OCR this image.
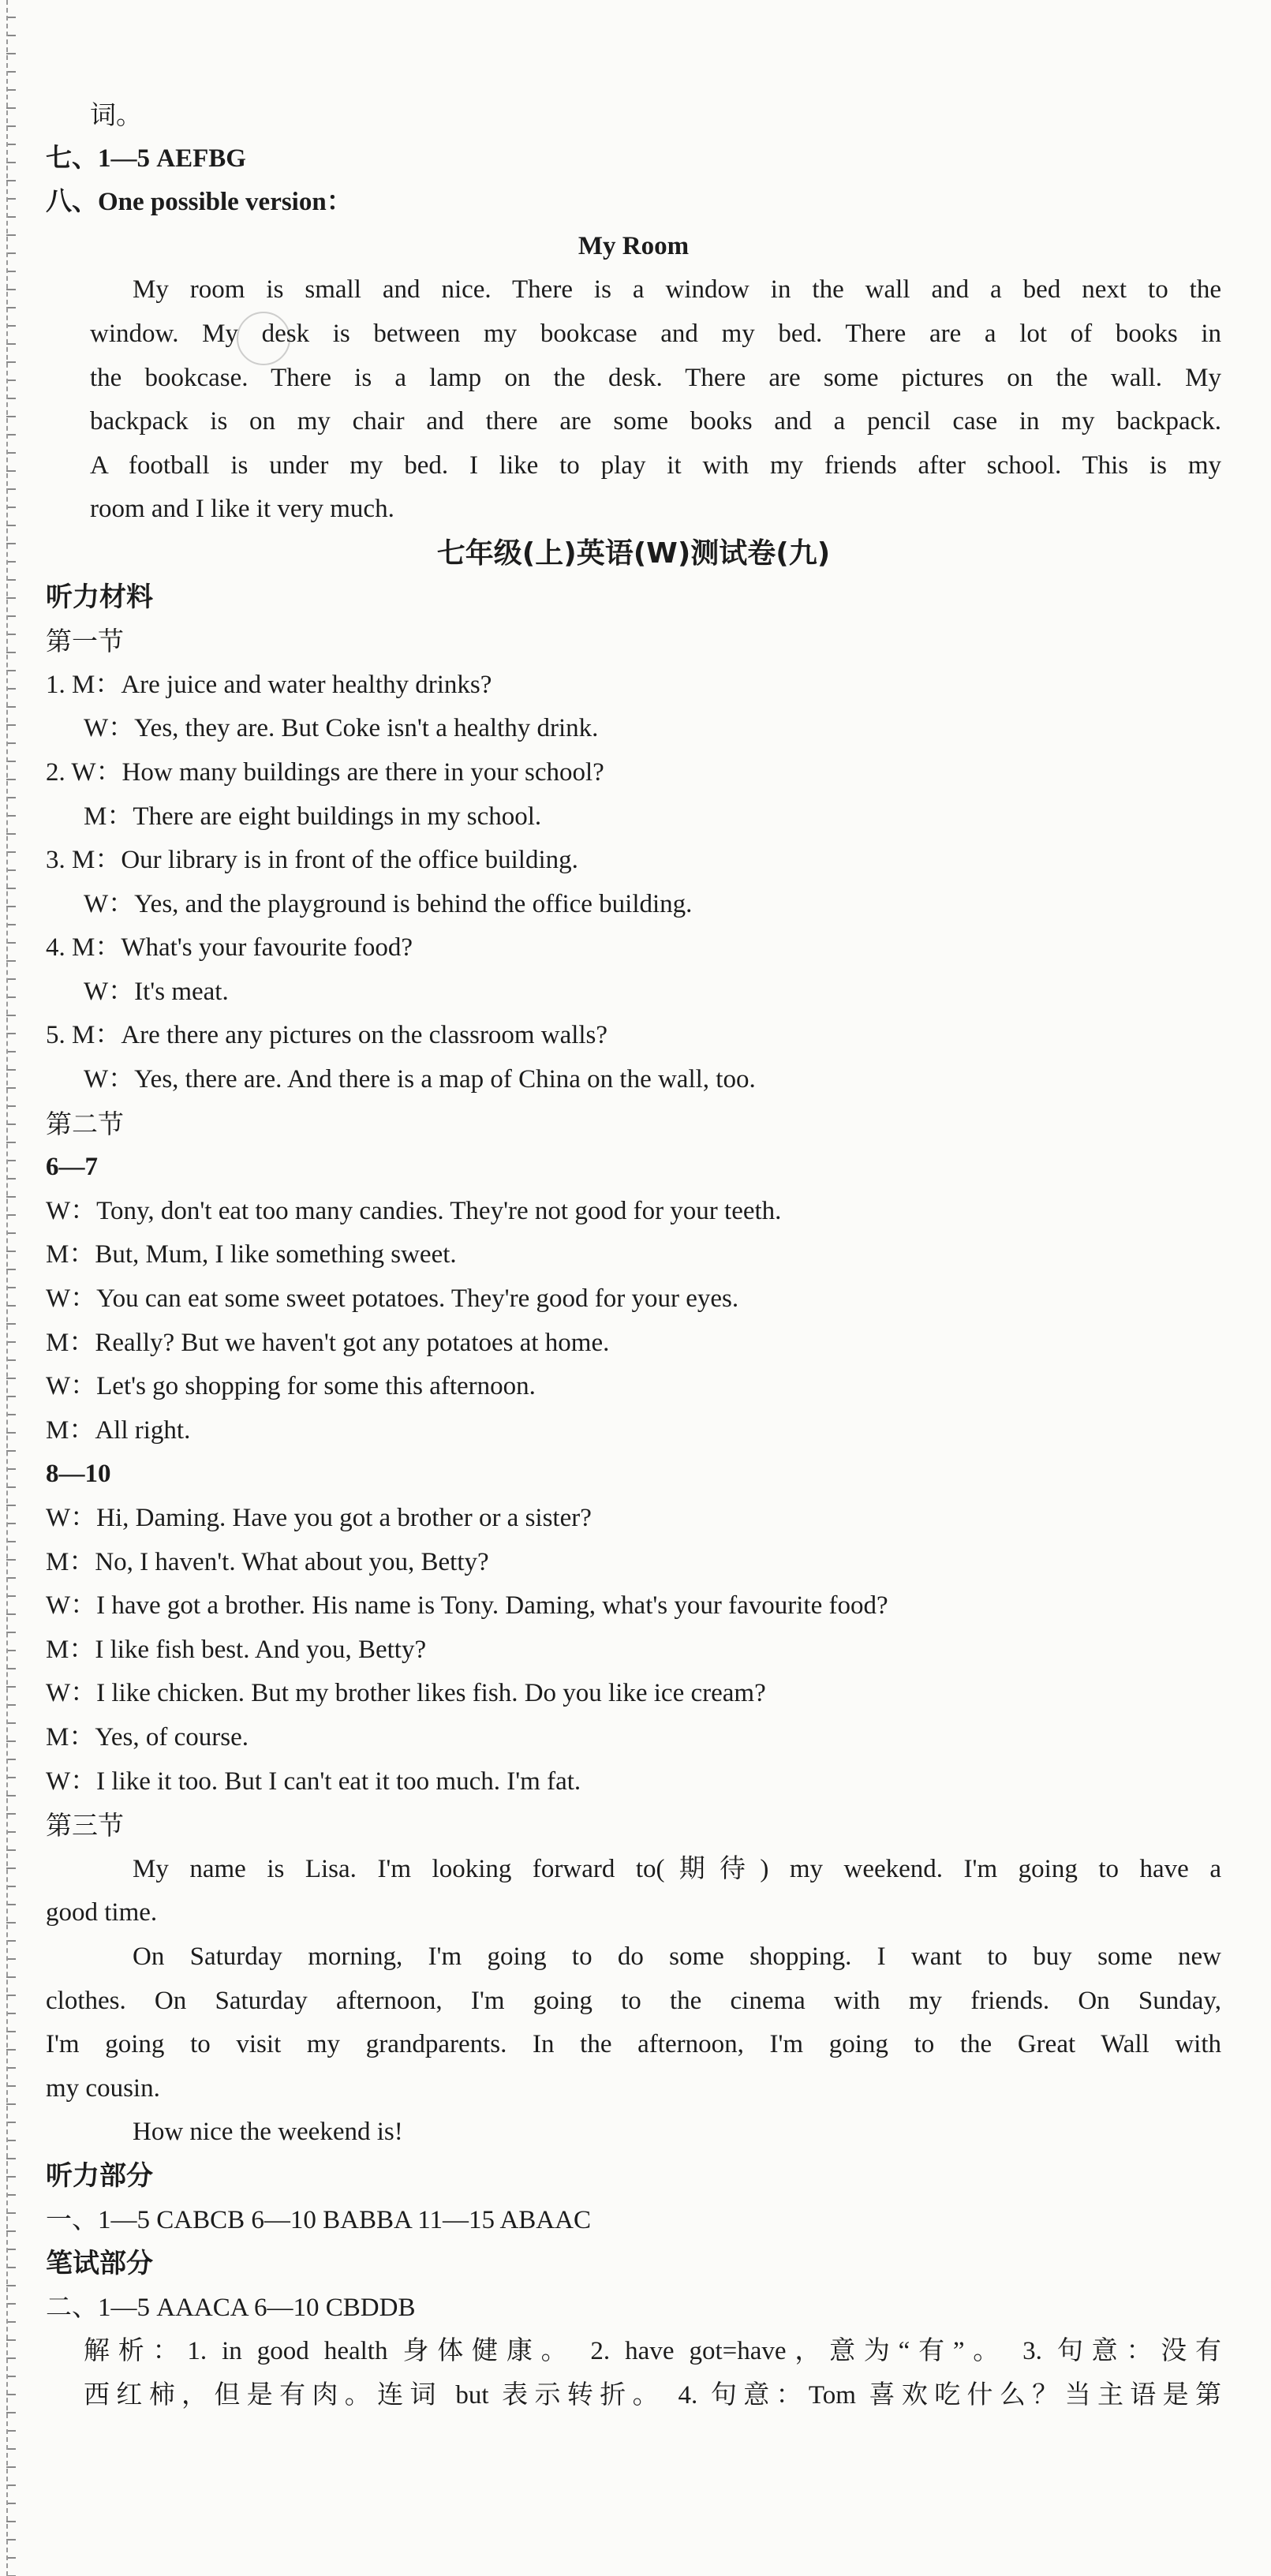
词。
七、1—5 AEFBG
八、One possible version：
My Room
My room is small and nice. There is a window in the wall and a bed next to the
window. My desk is between my bookcase and my bed. There are a lot of books in
the bookcase. There is a lamp on the desk. There are some pictures on the wall. My
backpack is on my chair and there are some books and a pencil case in my backpack.
A football is under my bed. I like to play it with my friends after school. This is my
room and I like it very much.
七年级(上)英语(W)测试卷(九)
听力材料
第一节
1. M：Are juice and water healthy drinks?
W：Yes, they are. But Coke isn't a healthy drink.
2. W：How many buildings are there in your school?
M：There are eight buildings in my school.
3. M：Our library is in front of the office building.
W：Yes, and the playground is behind the office building.
4. M：What's your favourite food?
W：It's meat.
5. M：Are there any pictures on the classroom walls?
W：Yes, there are. And there is a map of China on the wall, too.
第二节
6—7
W：Tony, don't eat too many candies. They're not good for your teeth.
M：But, Mum, I like something sweet.
W：You can eat some sweet potatoes. They're good for your eyes.
M：Really? But we haven't got any potatoes at home.
W：Let's go shopping for some this afternoon.
M：All right.
8—10
W：Hi, Daming. Have you got a brother or a sister?
M：No, I haven't. What about you, Betty?
W：I have got a brother. His name is Tony. Daming, what's your favourite food?
M：I like fish best. And you, Betty?
W：I like chicken. But my brother likes fish. Do you like ice cream?
M：Yes, of course.
W：I like it too. But I can't eat it too much. I'm fat.
第三节
My name is Lisa. I'm looking forward to(期待) my weekend. I'm going to have a
good time.
On Saturday morning, I'm going to do some shopping. I want to buy some new
clothes. On Saturday afternoon, I'm going to the cinema with my friends. On Sunday,
I'm going to visit my grandparents. In the afternoon, I'm going to the Great Wall with
my cousin.
How nice the weekend is!
听力部分
一、1—5 CABCB 6—10 BABBA 11—15 ABAAC
笔试部分
二、1—5 AAACA 6—10 CBDDB
解析：1. in good health 身体健康。 2. have got=have，意为“有”。 3. 句意：没有
西红柿，但是有肉。连词 but 表示转折。 4. 句意：Tom 喜欢吃什么？当主语是第
